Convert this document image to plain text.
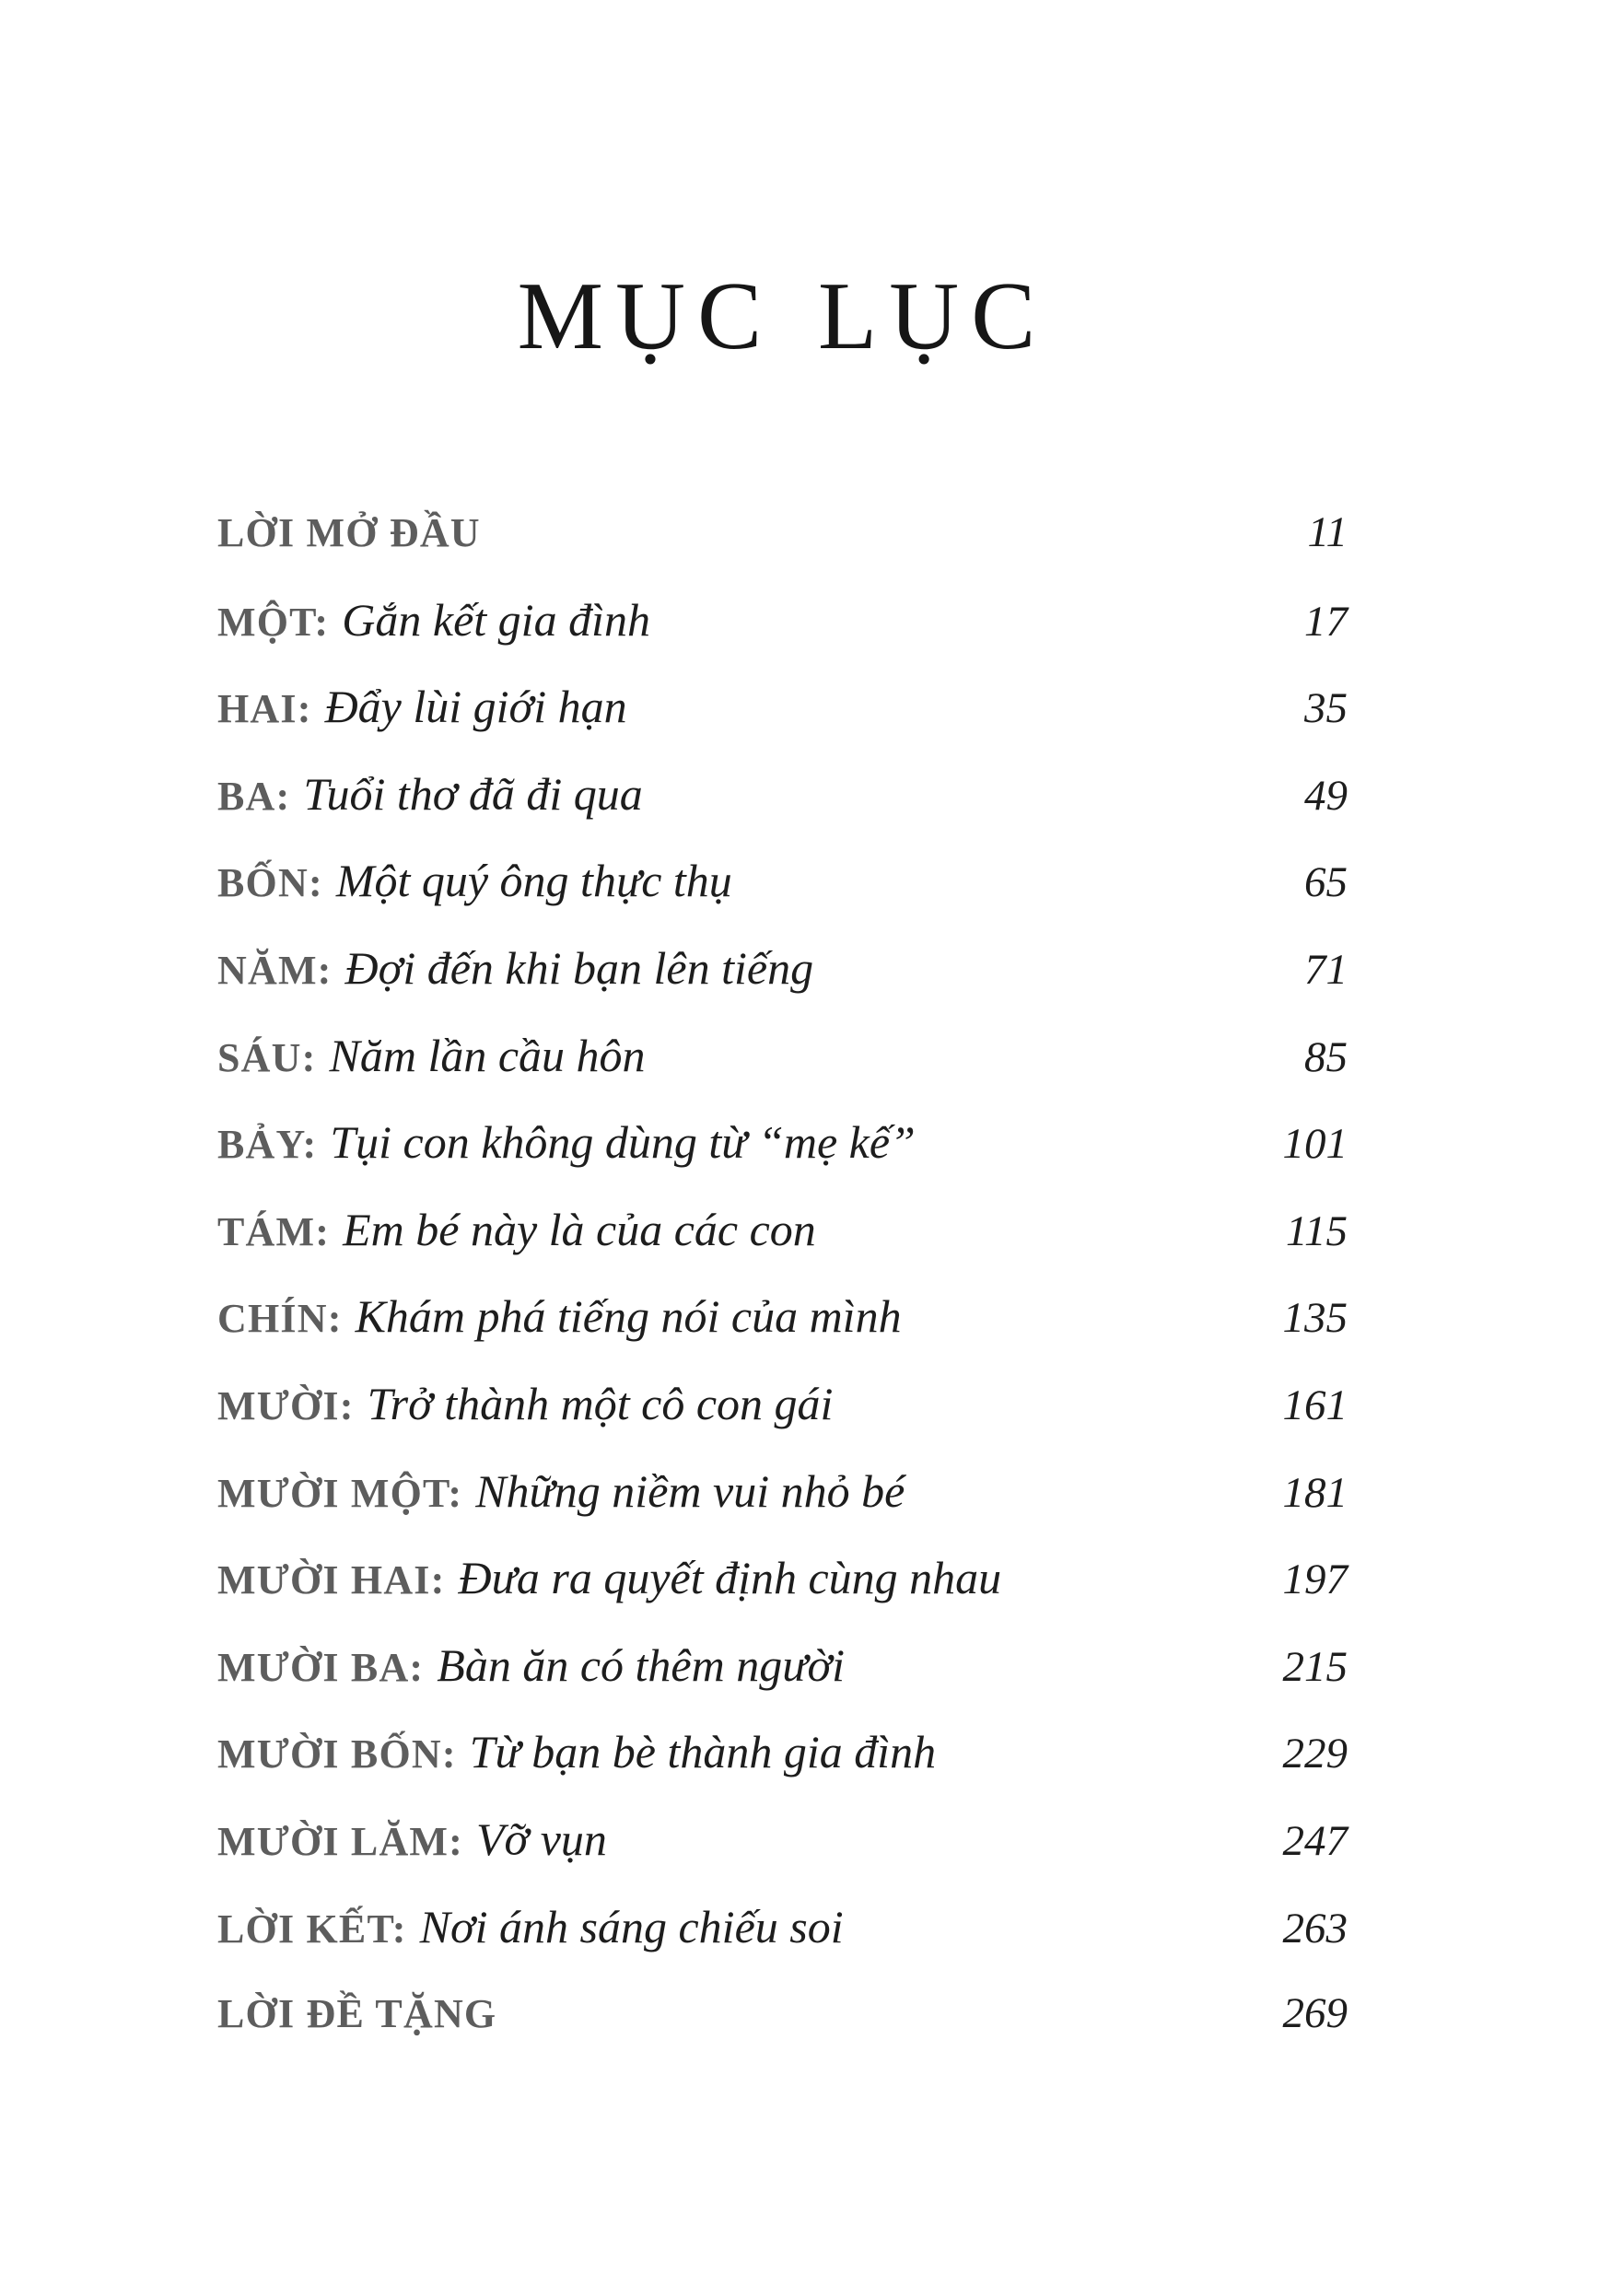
MỤC LỤC
LỜI MỞ ĐẦU	11
MỘT: Gắn kết gia đình	17
HAI: Đẩy lùi giới hạn	35
BA: Tuổi thơ đã đi qua	49
BỐN: Một quý ông thực thụ	65
NĂM: Đợi đến khi bạn lên tiếng	71
SÁU: Năm lần cầu hôn	85
BẢY: Tụi con không dùng từ “mẹ kế”	101
TÁM: Em bé này là của các con	115
CHÍN: Khám phá tiếng nói của mình	135
MƯỜI: Trở thành một cô con gái	161
MƯỜI MỘT: Những niềm vui nhỏ bé	181
MƯỜI HAI: Đưa ra quyết định cùng nhau	197
MƯỜI BA: Bàn ăn có thêm người	215
MƯỜI BỐN: Từ bạn bè thành gia đình	229
MƯỜI LĂM: Vỡ vụn	247
LỜI KẾT: Nơi ánh sáng chiếu soi	263
LỜI ĐỀ TẶNG	269
